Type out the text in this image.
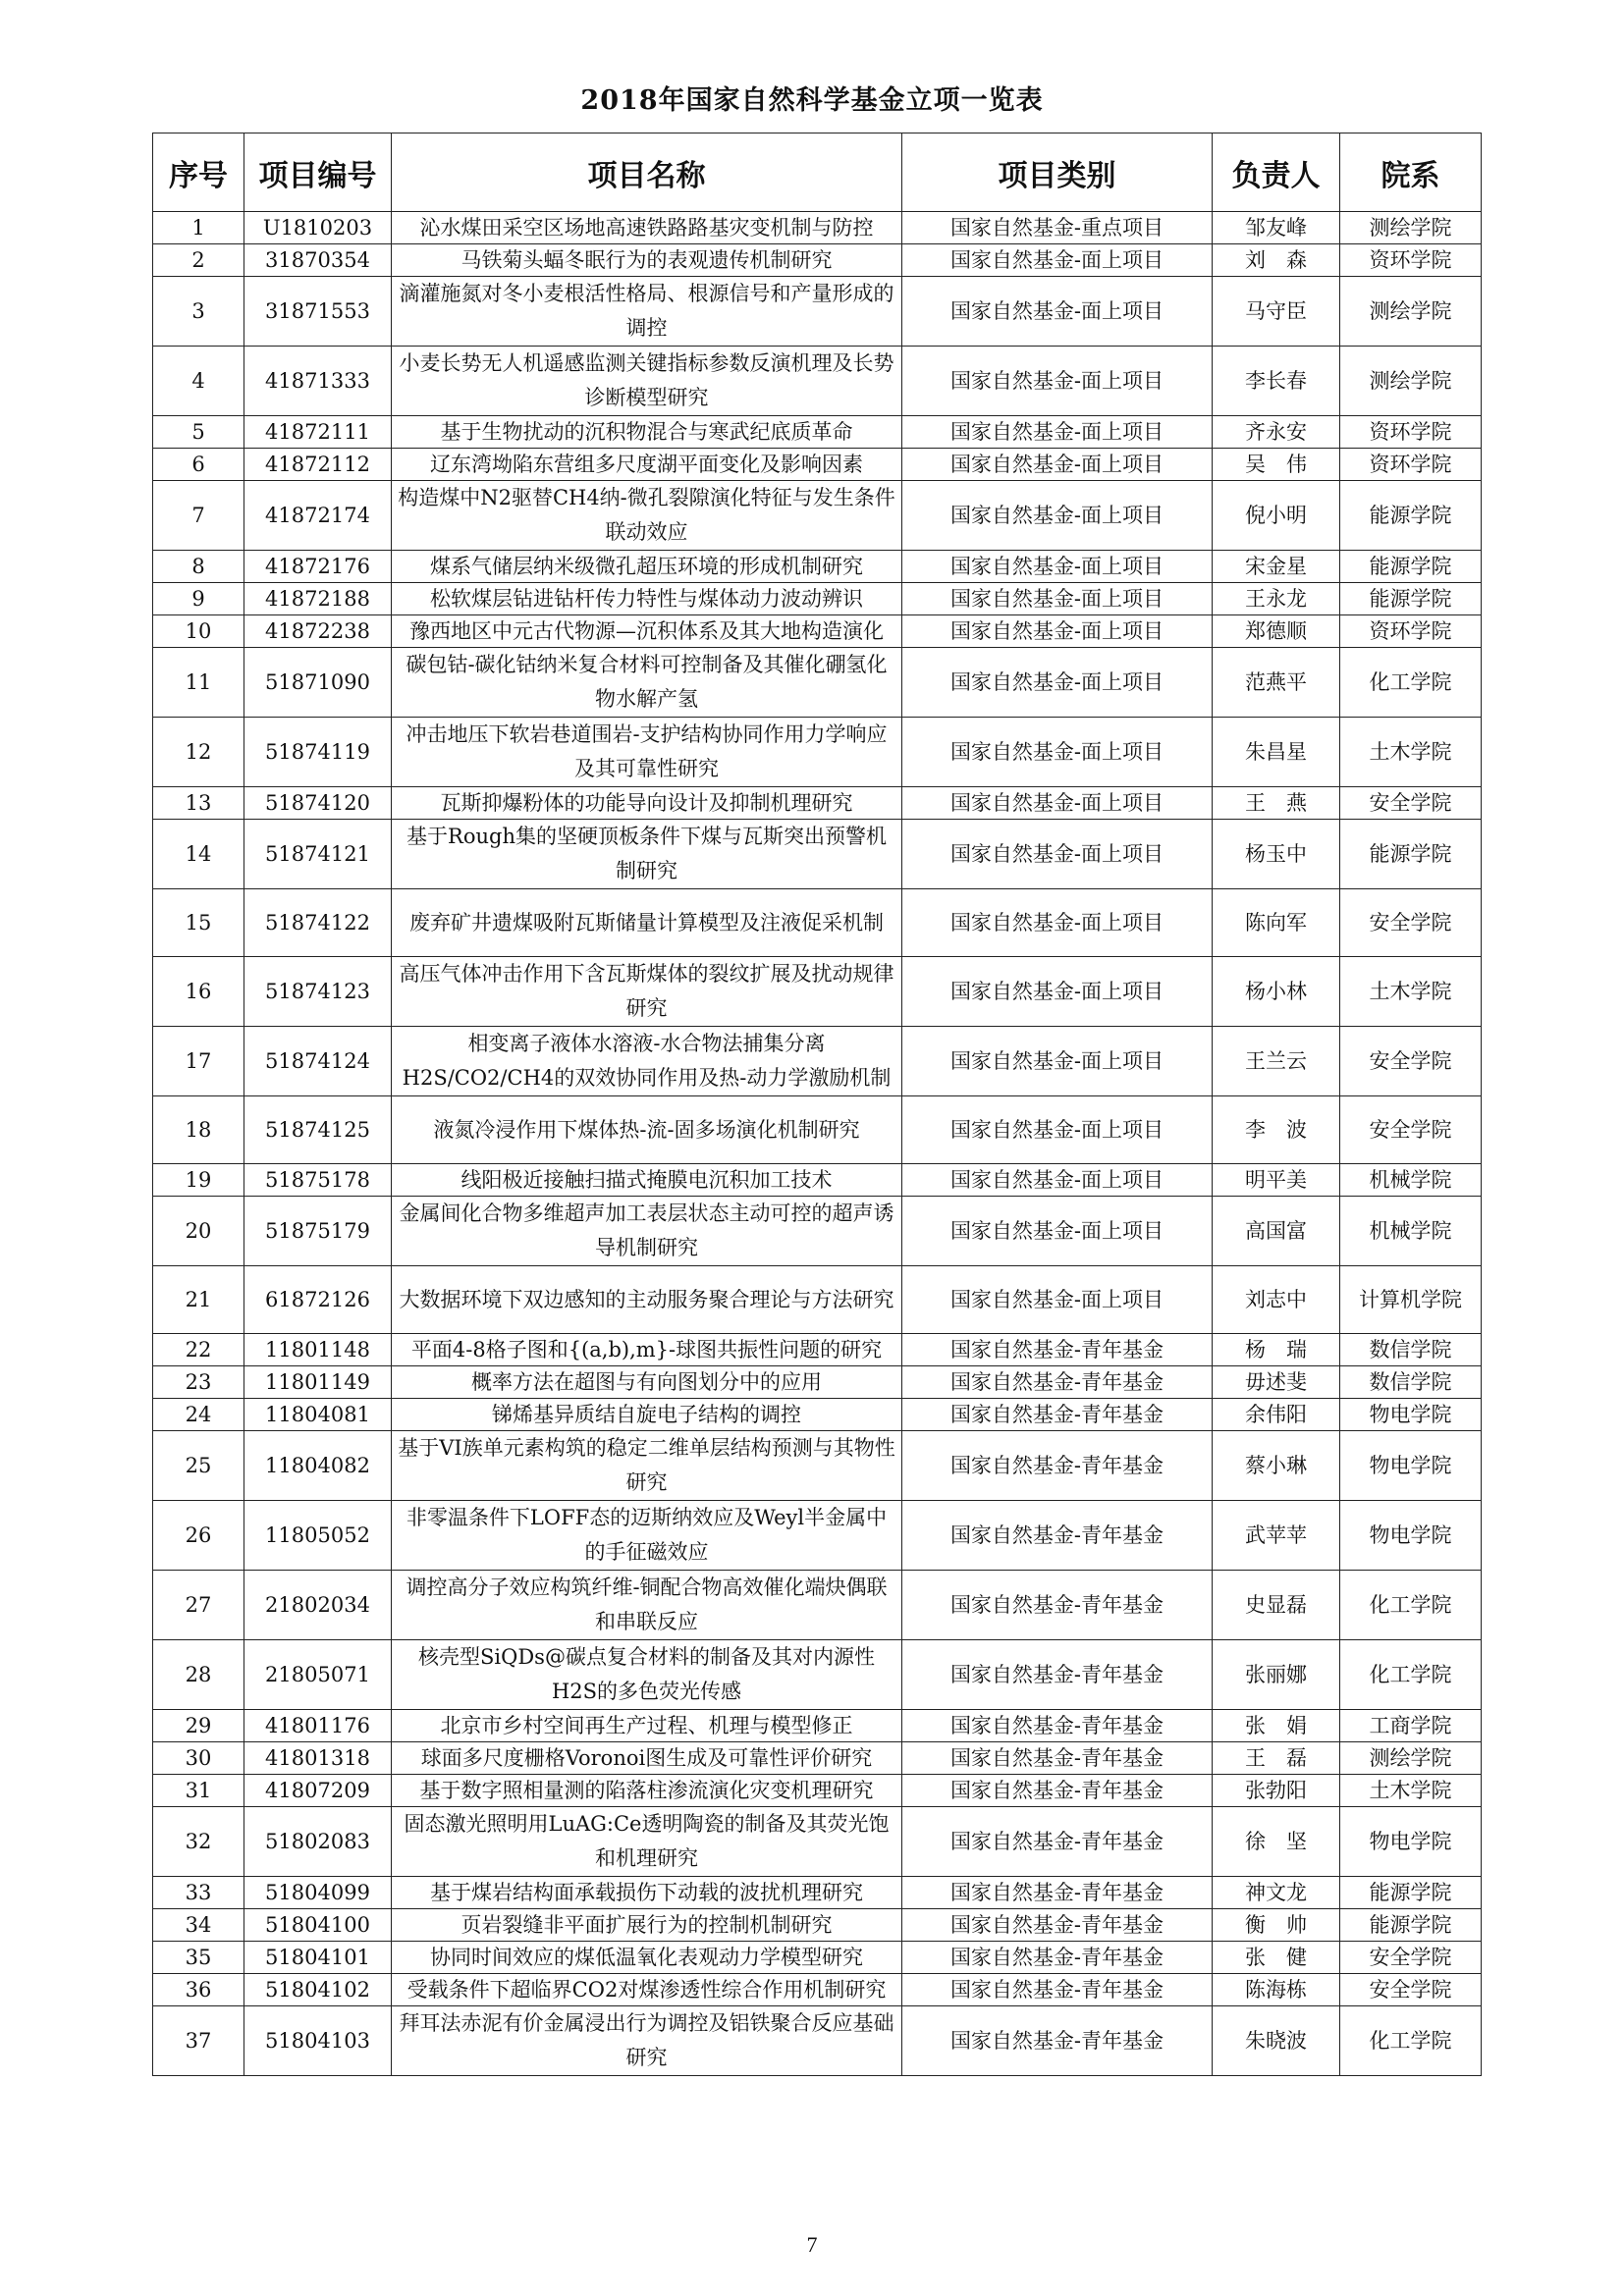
2018年国家自然科学基金立项一览表
序号	项目编号	项目名称	项目类别	负责人	院系
1	U1810203	沁水煤田采空区场地高速铁路路基灾变机制与防控	国家自然基金-重点项目	邹友峰	测绘学院
2	31870354	马铁菊头蝠冬眠行为的表观遗传机制研究	国家自然基金-面上项目	刘　森	资环学院
3	31871553	滴灌施氮对冬小麦根活性格局、根源信号和产量形成的调控	国家自然基金-面上项目	马守臣	测绘学院
4	41871333	小麦长势无人机遥感监测关键指标参数反演机理及长势诊断模型研究	国家自然基金-面上项目	李长春	测绘学院
5	41872111	基于生物扰动的沉积物混合与寒武纪底质革命	国家自然基金-面上项目	齐永安	资环学院
6	41872112	辽东湾坳陷东营组多尺度湖平面变化及影响因素	国家自然基金-面上项目	吴　伟	资环学院
7	41872174	构造煤中N2驱替CH4纳-微孔裂隙演化特征与发生条件联动效应	国家自然基金-面上项目	倪小明	能源学院
8	41872176	煤系气储层纳米级微孔超压环境的形成机制研究	国家自然基金-面上项目	宋金星	能源学院
9	41872188	松软煤层钻进钻杆传力特性与煤体动力波动辨识	国家自然基金-面上项目	王永龙	能源学院
10	41872238	豫西地区中元古代物源—沉积体系及其大地构造演化	国家自然基金-面上项目	郑德顺	资环学院
11	51871090	碳包钴-碳化钴纳米复合材料可控制备及其催化硼氢化物水解产氢	国家自然基金-面上项目	范燕平	化工学院
12	51874119	冲击地压下软岩巷道围岩-支护结构协同作用力学响应及其可靠性研究	国家自然基金-面上项目	朱昌星	土木学院
13	51874120	瓦斯抑爆粉体的功能导向设计及抑制机理研究	国家自然基金-面上项目	王　燕	安全学院
14	51874121	基于Rough集的坚硬顶板条件下煤与瓦斯突出预警机制研究	国家自然基金-面上项目	杨玉中	能源学院
15	51874122	废弃矿井遗煤吸附瓦斯储量计算模型及注液促采机制	国家自然基金-面上项目	陈向军	安全学院
16	51874123	高压气体冲击作用下含瓦斯煤体的裂纹扩展及扰动规律研究	国家自然基金-面上项目	杨小林	土木学院
17	51874124	相变离子液体水溶液-水合物法捕集分离H2S/CO2/CH4的双效协同作用及热-动力学激励机制	国家自然基金-面上项目	王兰云	安全学院
18	51874125	液氮冷浸作用下煤体热-流-固多场演化机制研究	国家自然基金-面上项目	李　波	安全学院
19	51875178	线阳极近接触扫描式掩膜电沉积加工技术	国家自然基金-面上项目	明平美	机械学院
20	51875179	金属间化合物多维超声加工表层状态主动可控的超声诱导机制研究	国家自然基金-面上项目	高国富	机械学院
21	61872126	大数据环境下双边感知的主动服务聚合理论与方法研究	国家自然基金-面上项目	刘志中	计算机学院
22	11801148	平面4-8格子图和{(a,b),m}-球图共振性问题的研究	国家自然基金-青年基金	杨　瑞	数信学院
23	11801149	概率方法在超图与有向图划分中的应用	国家自然基金-青年基金	毋述斐	数信学院
24	11804081	锑烯基异质结自旋电子结构的调控	国家自然基金-青年基金	余伟阳	物电学院
25	11804082	基于VI族单元素构筑的稳定二维单层结构预测与其物性研究	国家自然基金-青年基金	蔡小琳	物电学院
26	11805052	非零温条件下LOFF态的迈斯纳效应及Weyl半金属中的手征磁效应	国家自然基金-青年基金	武苹苹	物电学院
27	21802034	调控高分子效应构筑纤维-铜配合物高效催化端炔偶联和串联反应	国家自然基金-青年基金	史显磊	化工学院
28	21805071	核壳型SiQDs@碳点复合材料的制备及其对内源性H2S的多色荧光传感	国家自然基金-青年基金	张丽娜	化工学院
29	41801176	北京市乡村空间再生产过程、机理与模型修正	国家自然基金-青年基金	张　娟	工商学院
30	41801318	球面多尺度栅格Voronoi图生成及可靠性评价研究	国家自然基金-青年基金	王　磊	测绘学院
31	41807209	基于数字照相量测的陷落柱渗流演化灾变机理研究	国家自然基金-青年基金	张勃阳	土木学院
32	51802083	固态激光照明用LuAG:Ce透明陶瓷的制备及其荧光饱和机理研究	国家自然基金-青年基金	徐　坚	物电学院
33	51804099	基于煤岩结构面承载损伤下动载的波扰机理研究	国家自然基金-青年基金	神文龙	能源学院
34	51804100	页岩裂缝非平面扩展行为的控制机制研究	国家自然基金-青年基金	衡　帅	能源学院
35	51804101	协同时间效应的煤低温氧化表观动力学模型研究	国家自然基金-青年基金	张　健	安全学院
36	51804102	受载条件下超临界CO2对煤渗透性综合作用机制研究	国家自然基金-青年基金	陈海栋	安全学院
37	51804103	拜耳法赤泥有价金属浸出行为调控及铝铁聚合反应基础研究	国家自然基金-青年基金	朱晓波	化工学院
7
